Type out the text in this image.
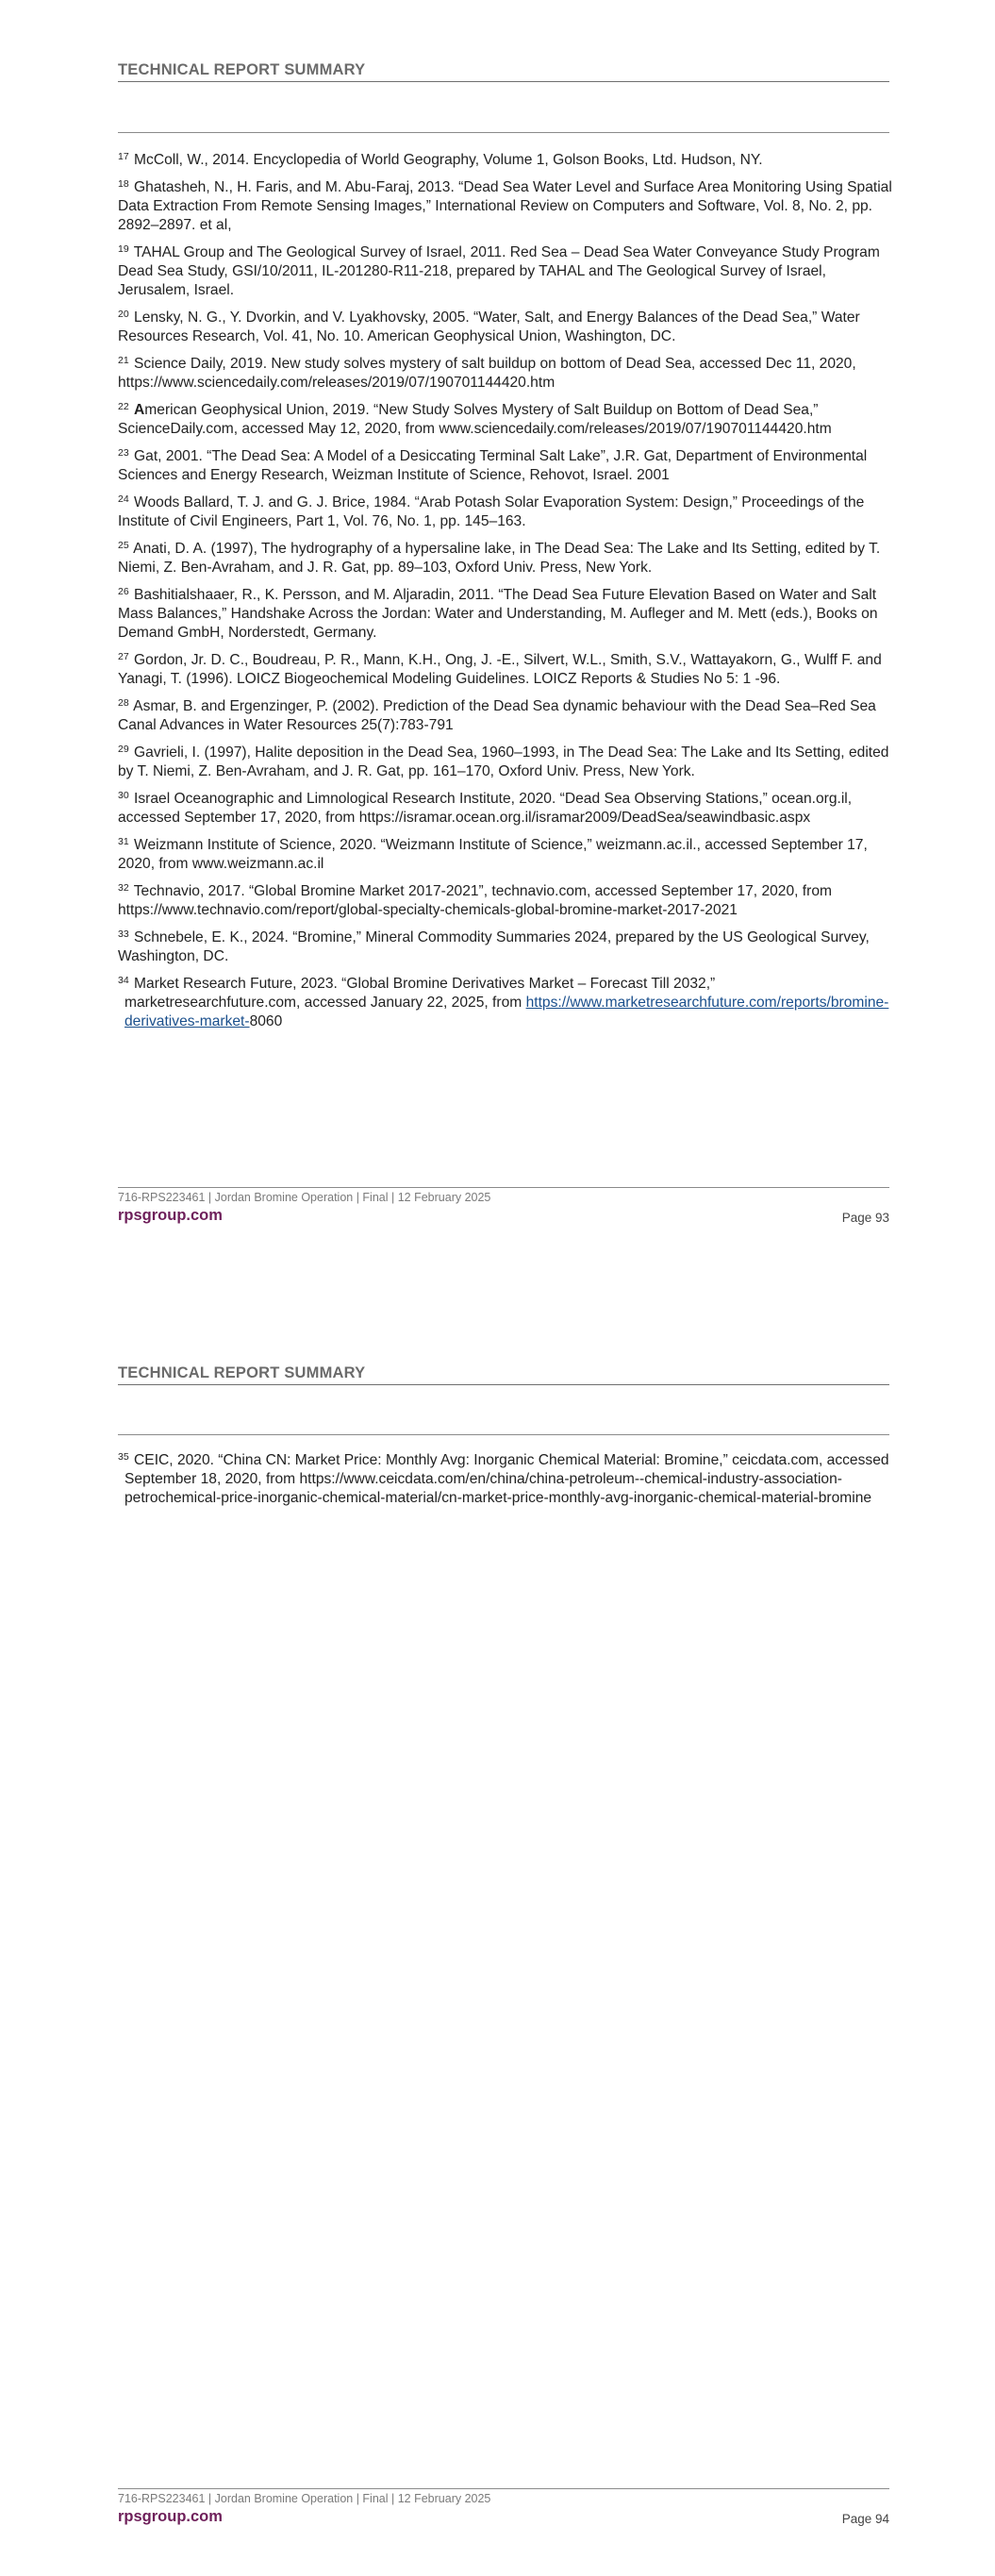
TECHNICAL REPORT SUMMARY

$^{17}$ McColl, W., 2014. Encyclopedia of World Geography, Volume 1, Golson Books, Ltd. Hudson, NY.

$^{18}$ Ghatasheh, N., H. Faris, and M. Abu-Faraj, 2013. “Dead Sea Water Level and Surface Area Monitoring Using Spatial Data Extraction From Remote Sensing Images,” International Review on Computers and Software, Vol. 8, No. 2, pp. 2892–2897. et al,

$^{19}$ TAHAL Group and The Geological Survey of Israel, 2011. Red Sea – Dead Sea Water Conveyance Study Program Dead Sea Study, GSI/10/2011, IL-201280-R11-218, prepared by TAHAL and The Geological Survey of Israel, Jerusalem, Israel.

$^{20}$ Lensky, N. G., Y. Dvorkin, and V. Lyakhovsky, 2005. “Water, Salt, and Energy Balances of the Dead Sea,” Water Resources Research, Vol. 41, No. 10. American Geophysical Union, Washington, DC.

$^{21}$ Science Daily, 2019. New study solves mystery of salt buildup on bottom of Dead Sea, accessed Dec 11, 2020, https://www.sciencedaily.com/releases/2019/07/190701144420.htm

$^{22}$ American Geophysical Union, 2019. “New Study Solves Mystery of Salt Buildup on Bottom of Dead Sea,” ScienceDaily.com, accessed May 12, 2020, from www.sciencedaily.com/releases/2019/07/190701144420.htm

$^{23}$ Gat, 2001. “The Dead Sea: A Model of a Desiccating Terminal Salt Lake”, J.R. Gat, Department of Environmental Sciences and Energy Research, Weizman Institute of Science, Rehovot, Israel. 2001

$^{24}$ Woods Ballard, T. J. and G. J. Brice, 1984. “Arab Potash Solar Evaporation System: Design,” Proceedings of the Institute of Civil Engineers, Part 1, Vol. 76, No. 1, pp. 145–163.

$^{25}$ Anati, D. A. (1997), The hydrography of a hypersaline lake, in The Dead Sea: The Lake and Its Setting, edited by T. Niemi, Z. Ben-Avraham, and J. R. Gat, pp. 89–103, Oxford Univ. Press, New York.

$^{26}$ Bashitialshaaer, R., K. Persson, and M. Aljaradin, 2011. “The Dead Sea Future Elevation Based on Water and Salt Mass Balances,” Handshake Across the Jordan: Water and Understanding, M. Aufleger and M. Mett (eds.), Books on Demand GmbH, Norderstedt, Germany.

$^{27}$ Gordon, Jr. D. C., Boudreau, P. R., Mann, K.H., Ong, J. -E., Silvert, W.L., Smith, S.V., Wattayakorn, G., Wulff F. and Yanagi, T. (1996). LOICZ Biogeochemical Modeling Guidelines. LOICZ Reports & Studies No 5: 1 -96.

$^{28}$ Asmar, B. and Ergenzinger, P. (2002). Prediction of the Dead Sea dynamic behaviour with the Dead Sea–Red Sea Canal Advances in Water Resources 25(7):783-791

$^{29}$ Gavrieli, I. (1997), Halite deposition in the Dead Sea, 1960–1993, in The Dead Sea: The Lake and Its Setting, edited by T. Niemi, Z. Ben-Avraham, and J. R. Gat, pp. 161–170, Oxford Univ. Press, New York.

$^{30}$ Israel Oceanographic and Limnological Research Institute, 2020. “Dead Sea Observing Stations,” ocean.org.il, accessed September 17, 2020, from https://isramar.ocean.org.il/isramar2009/DeadSea/seawindbasic.aspx

$^{31}$ Weizmann Institute of Science, 2020. “Weizmann Institute of Science,” weizmann.ac.il., accessed September 17, 2020, from www.weizmann.ac.il

$^{32}$ Technavio, 2017. “Global Bromine Market 2017-2021”, technavio.com, accessed September 17, 2020, from https://www.technavio.com/report/global-specialty-chemicals-global-bromine-market-2017-2021

$^{33}$ Schnebele, E. K., 2024. “Bromine,” Mineral Commodity Summaries 2024, prepared by the US Geological Survey, Washington, DC.

$^{34}$ Market Research Future, 2023. “Global Bromine Derivatives Market – Forecast Till 2032,” marketresearchfuture.com, accessed January 22, 2025, from https://www.marketresearchfuture.com/reports/bromine-derivatives-market-8060

716-RPS223461 | Jordan Bromine Operation | Final | 12 February 2025
rpsgroup.com	Page 93
TECHNICAL REPORT SUMMARY

$^{35}$ CEIC, 2020. “China CN: Market Price: Monthly Avg: Inorganic Chemical Material: Bromine,” ceicdata.com, accessed September 18, 2020, from https://www.ceicdata.com/en/china/china-petroleum--chemical-industry-association-petrochemical-price-inorganic-chemical-material/cn-market-price-monthly-avg-inorganic-chemical-material-bromine

716-RPS223461 | Jordan Bromine Operation | Final | 12 February 2025
rpsgroup.com	Page 94
